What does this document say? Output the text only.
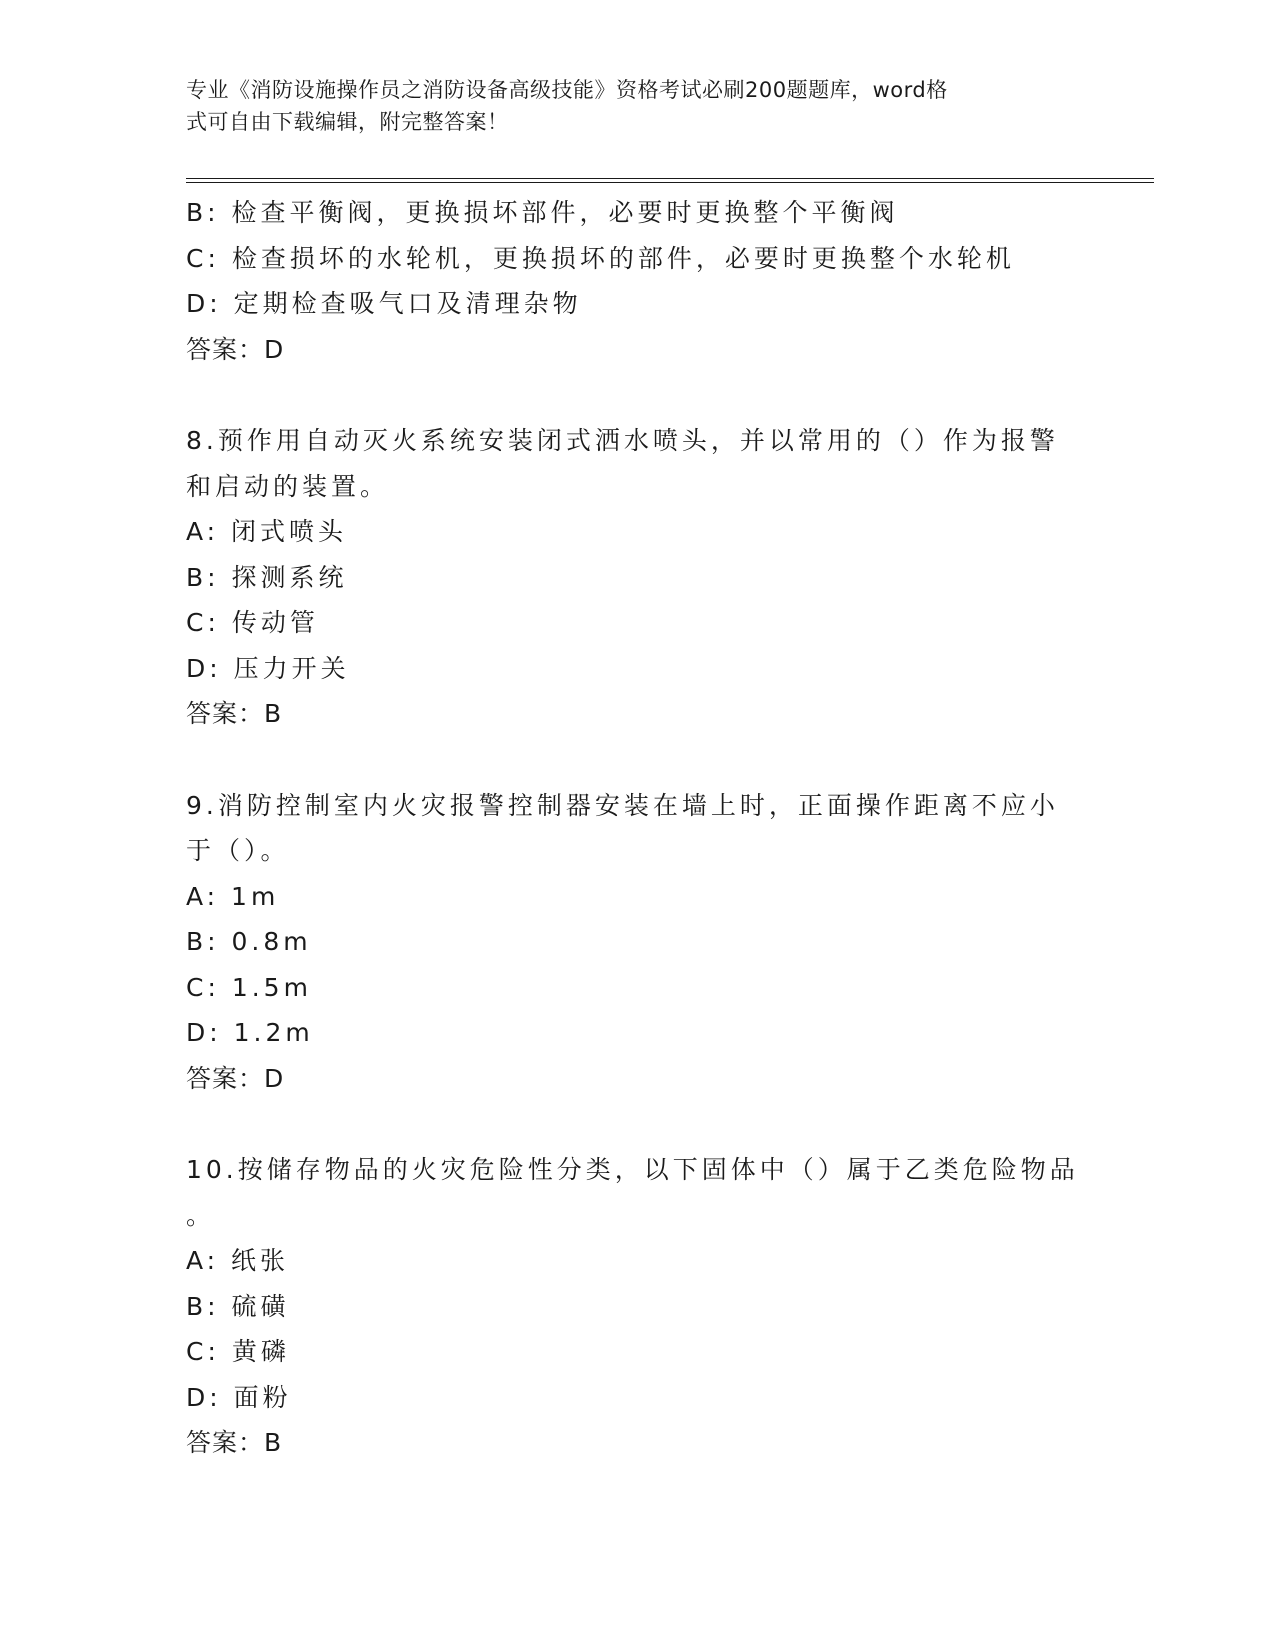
专业《消防设施操作员之消防设备高级技能》资格考试必刷200题题库，word格
式可自由下载编辑，附完整答案！
B: 检查平衡阀，更换损坏部件，必要时更换整个平衡阀
C: 检查损坏的水轮机，更换损坏的部件，必要时更换整个水轮机
D: 定期检查吸气口及清理杂物
答案：D
8.预作用自动灭火系统安装闭式洒水喷头，并以常用的（）作为报警
和启动的装置。
A: 闭式喷头
B: 探测系统
C: 传动管
D: 压力开关
答案：B
9.消防控制室内火灾报警控制器安装在墙上时，正面操作距离不应小
于（）。
A: 1m
B: 0.8m
C: 1.5m
D: 1.2m
答案：D
10.按储存物品的火灾危险性分类，以下固体中（）属于乙类危险物品
。
A: 纸张
B: 硫磺
C: 黄磷
D: 面粉
答案：B
